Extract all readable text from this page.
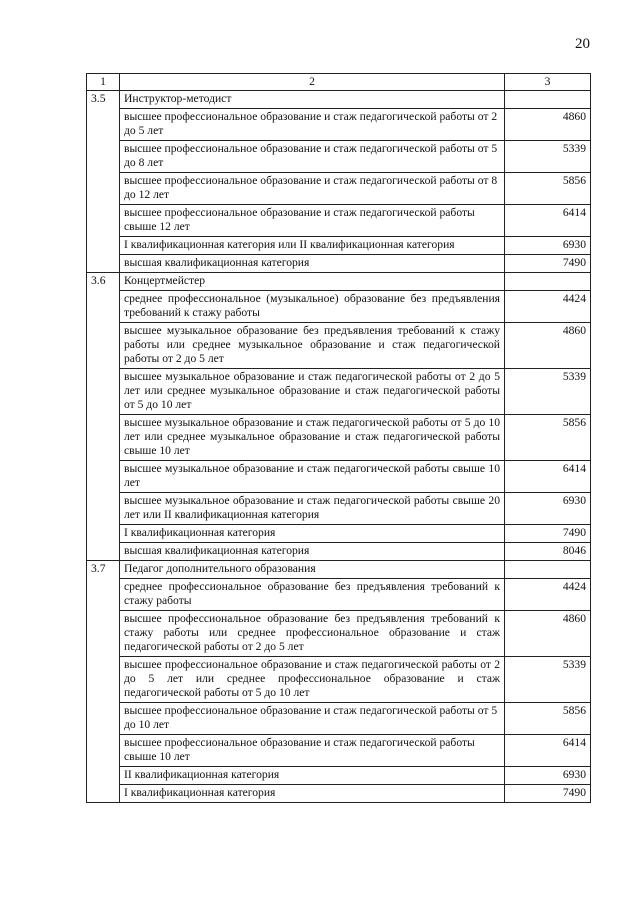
20
1	2	3
3.5	Инструктор-методист	
	высшее профессиональное образование и стаж педагогической работы от 2 до 5 лет	4860
	высшее профессиональное образование и стаж педагогической работы от 5 до 8 лет	5339
	высшее профессиональное образование и стаж педагогической работы от 8 до 12 лет	5856
	высшее профессиональное образование и стаж педагогической работы свыше 12 лет	6414
	I квалификационная категория или II квалификационная категория	6930
	высшая квалификационная категория	7490
3.6	Концертмейстер	
	среднее профессиональное (музыкальное) образование без предъявления требований к стажу работы	4424
	высшее музыкальное образование без предъявления требований к стажу работы или среднее музыкальное образование и стаж педагогической работы от 2 до 5 лет	4860
	высшее музыкальное образование и стаж педагогической работы от 2 до 5 лет или среднее музыкальное образование и стаж педагогической работы от 5 до 10 лет	5339
	высшее музыкальное образование и стаж педагогической работы от 5 до 10 лет или среднее музыкальное образование и стаж педагогической работы свыше 10 лет	5856
	высшее музыкальное образование и стаж педагогической работы свыше 10 лет	6414
	высшее музыкальное образование и стаж педагогической работы свыше 20 лет или II квалификационная категория	6930
	I квалификационная категория	7490
	высшая квалификационная категория	8046
3.7	Педагог дополнительного образования	
	среднее профессиональное образование без предъявления требований к стажу работы	4424
	высшее профессиональное образование без предъявления требований к стажу работы или среднее профессиональное образование и стаж педагогической работы от 2 до 5 лет	4860
	высшее профессиональное образование и стаж педагогической работы от 2 до 5 лет или среднее профессиональное образование и стаж педагогической работы от 5 до 10 лет	5339
	высшее профессиональное образование и стаж педагогической работы от 5 до 10 лет	5856
	высшее профессиональное образование и стаж педагогической работы свыше 10 лет	6414
	II квалификационная категория	6930
	I квалификационная категория	7490
